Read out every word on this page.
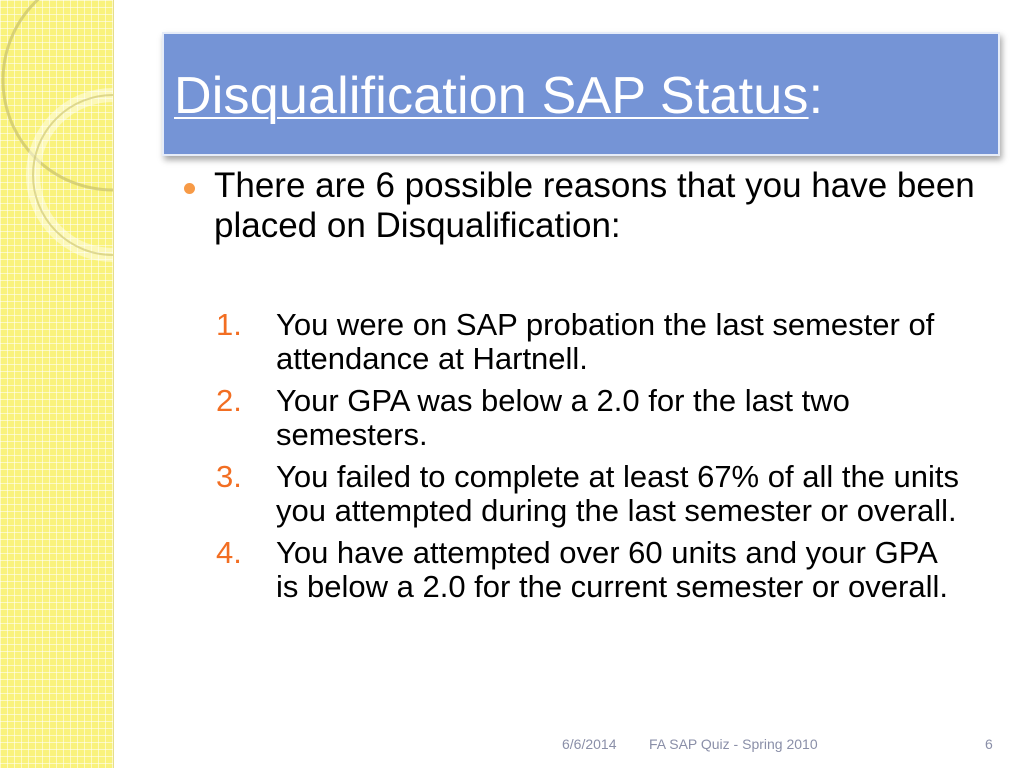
Disqualification SAP Status:
There are 6 possible reasons that you have been placed on Disqualification:
1. You were on SAP probation the last semester of attendance at Hartnell.
2. Your GPA was below a 2.0 for the last two semesters.
3. You failed to complete at least 67% of all the units you attempted during the last semester or overall.
4. You have attempted over 60 units and your GPA is below a 2.0 for the current semester or overall.
6/6/2014 FA SAP Quiz - Spring 2010	6
